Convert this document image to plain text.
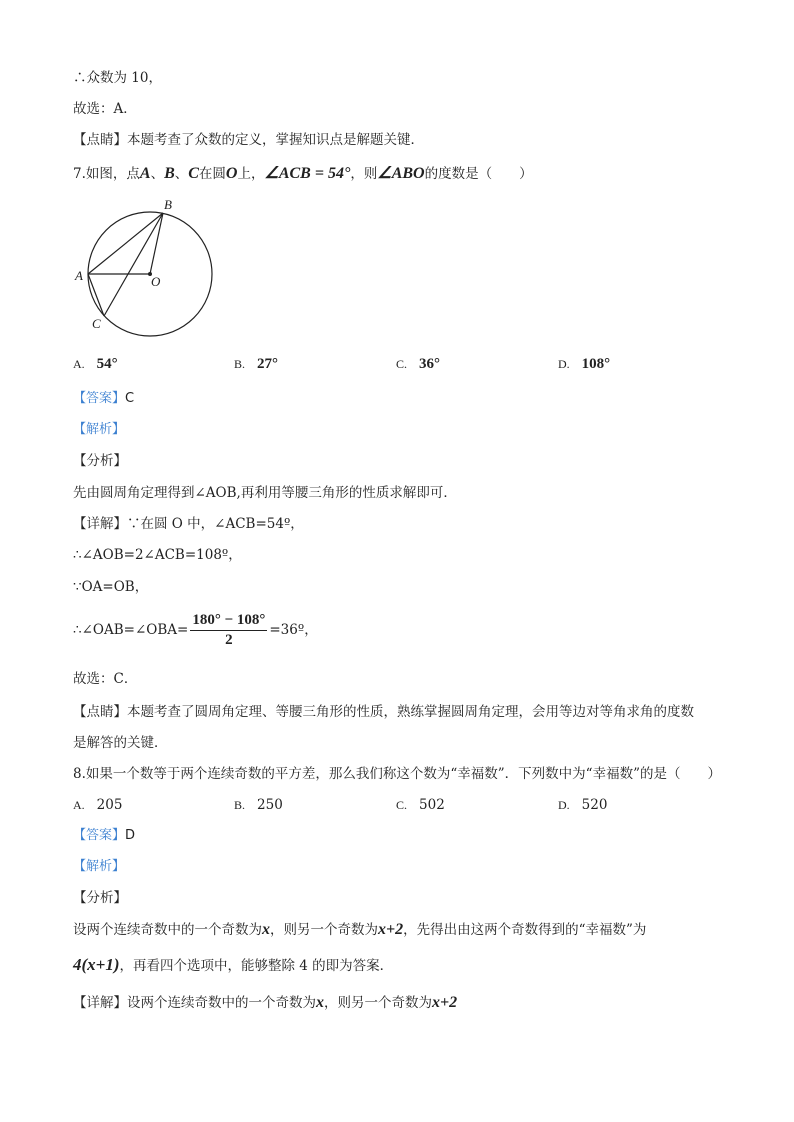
∴众数为 10，
故选：A．
【点睛】本题考查了众数的定义，掌握知识点是解题关键．
7.如图，点A、B、C在圆O上，∠ACB = 54°，则∠ABO的度数是（　　）
A
B
C
O
A. 54°	B. 27°	C. 36°	D. 108°
【答案】C
【解析】
【分析】
先由圆周角定理得到∠AOB,再利用等腰三角形的性质求解即可．
【详解】∵在圆 O 中，∠ACB=54º，
∴∠AOB=2∠ACB=108º，
∵OA=OB，
∴∠OAB=∠OBA= $\frac{180^\circ - 108^\circ}{2}$ =36º，
故选：C．
【点睛】本题考查了圆周角定理、等腰三角形的性质，熟练掌握圆周角定理，会用等边对等角求角的度数
是解答的关键．
8.如果一个数等于两个连续奇数的平方差，那么我们称这个数为“幸福数”．下列数中为“幸福数”的是（　　）
A. 205	B. 250	C. 502	D. 520
【答案】D
【解析】
【分析】
设两个连续奇数中的一个奇数为x，则另一个奇数为x+2，先得出由这两个奇数得到的“幸福数”为
4(x+1)，再看四个选项中，能够整除 4 的即为答案．
【详解】设两个连续奇数中的一个奇数为x，则另一个奇数为x+2
